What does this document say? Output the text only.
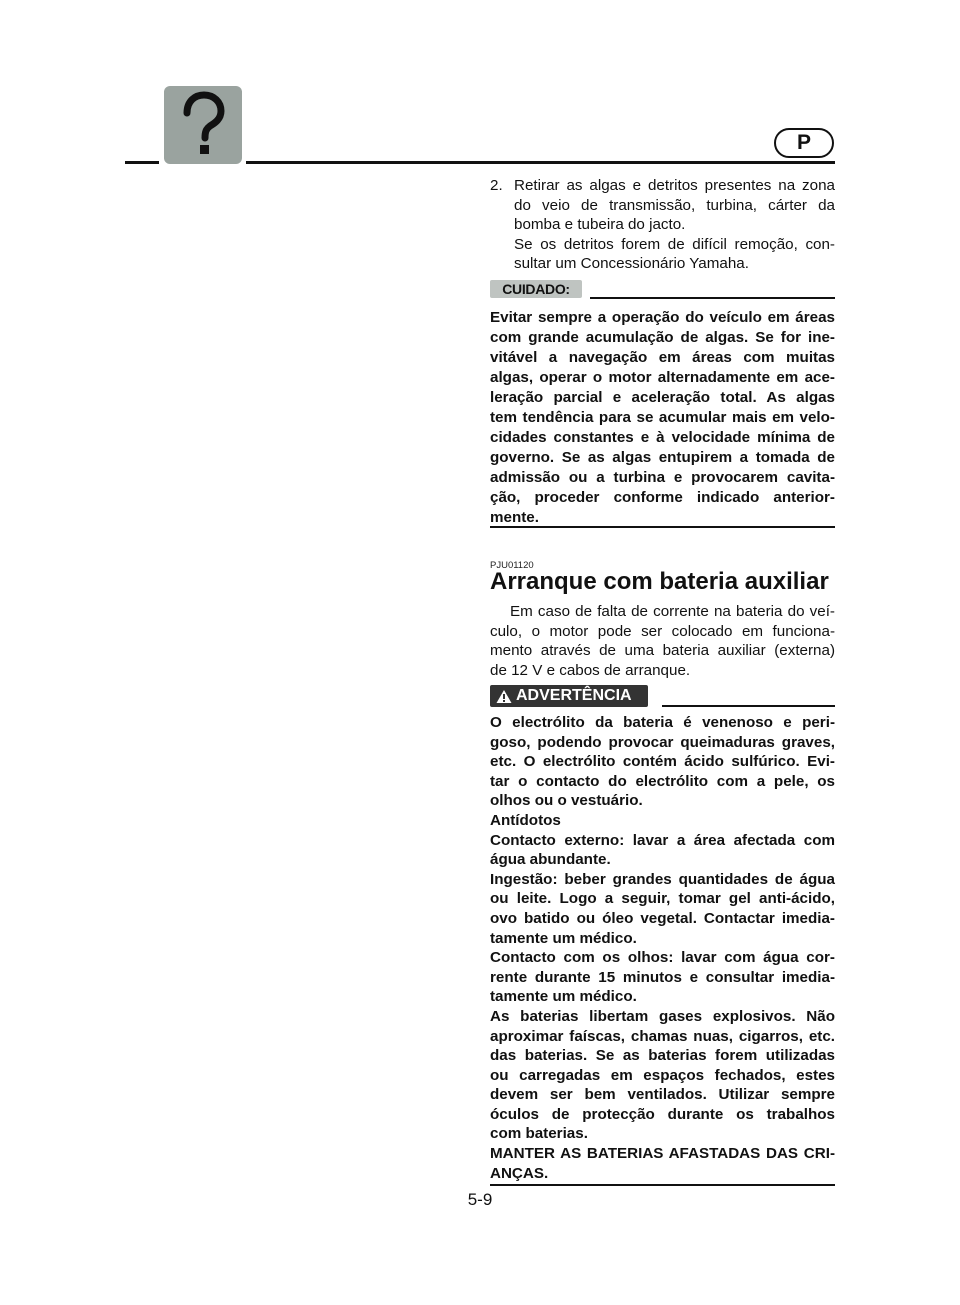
P
2. Retirar as algas e detritos presentes na zona
do veio de transmissão, turbina, cárter da
bomba e tubeira do jacto.
Se os detritos forem de difícil remoção, con-
sultar um Concessionário Yamaha.
CUIDADO:
Evitar sempre a operação do veículo em áreas
com grande acumulação de algas. Se for ine-
vitável a navegação em áreas com muitas
algas, operar o motor alternadamente em ace-
leração parcial e aceleração total. As algas
tem tendência para se acumular mais em velo-
cidades constantes e à velocidade mínima de
governo. Se as algas entupirem a tomada de
admissão ou a turbina e provocarem cavita-
ção, proceder conforme indicado anterior-
mente.
PJU01120
Arranque com bateria auxiliar
Em caso de falta de corrente na bateria do veí-
culo, o motor pode ser colocado em funciona-
mento através de uma bateria auxiliar (externa)
de 12 V e cabos de arranque.
ADVERTÊNCIA
O electrólito da bateria é venenoso e peri-
goso, podendo provocar queimaduras graves,
etc. O electrólito contém ácido sulfúrico. Evi-
tar o contacto do electrólito com a pele, os
olhos ou o vestuário.
Antídotos
Contacto externo: lavar a área afectada com
água abundante.
Ingestão: beber grandes quantidades de água
ou leite. Logo a seguir, tomar gel anti-ácido,
ovo batido ou óleo vegetal. Contactar imedia-
tamente um médico.
Contacto com os olhos: lavar com água cor-
rente durante 15 minutos e consultar imedia-
tamente um médico.
As baterias libertam gases explosivos. Não
aproximar faíscas, chamas nuas, cigarros, etc.
das baterias. Se as baterias forem utilizadas
ou carregadas em espaços fechados, estes
devem ser bem ventilados. Utilizar sempre
óculos de protecção durante os trabalhos
com baterias.
MANTER AS BATERIAS AFASTADAS DAS CRI-
ANÇAS.
5-9
